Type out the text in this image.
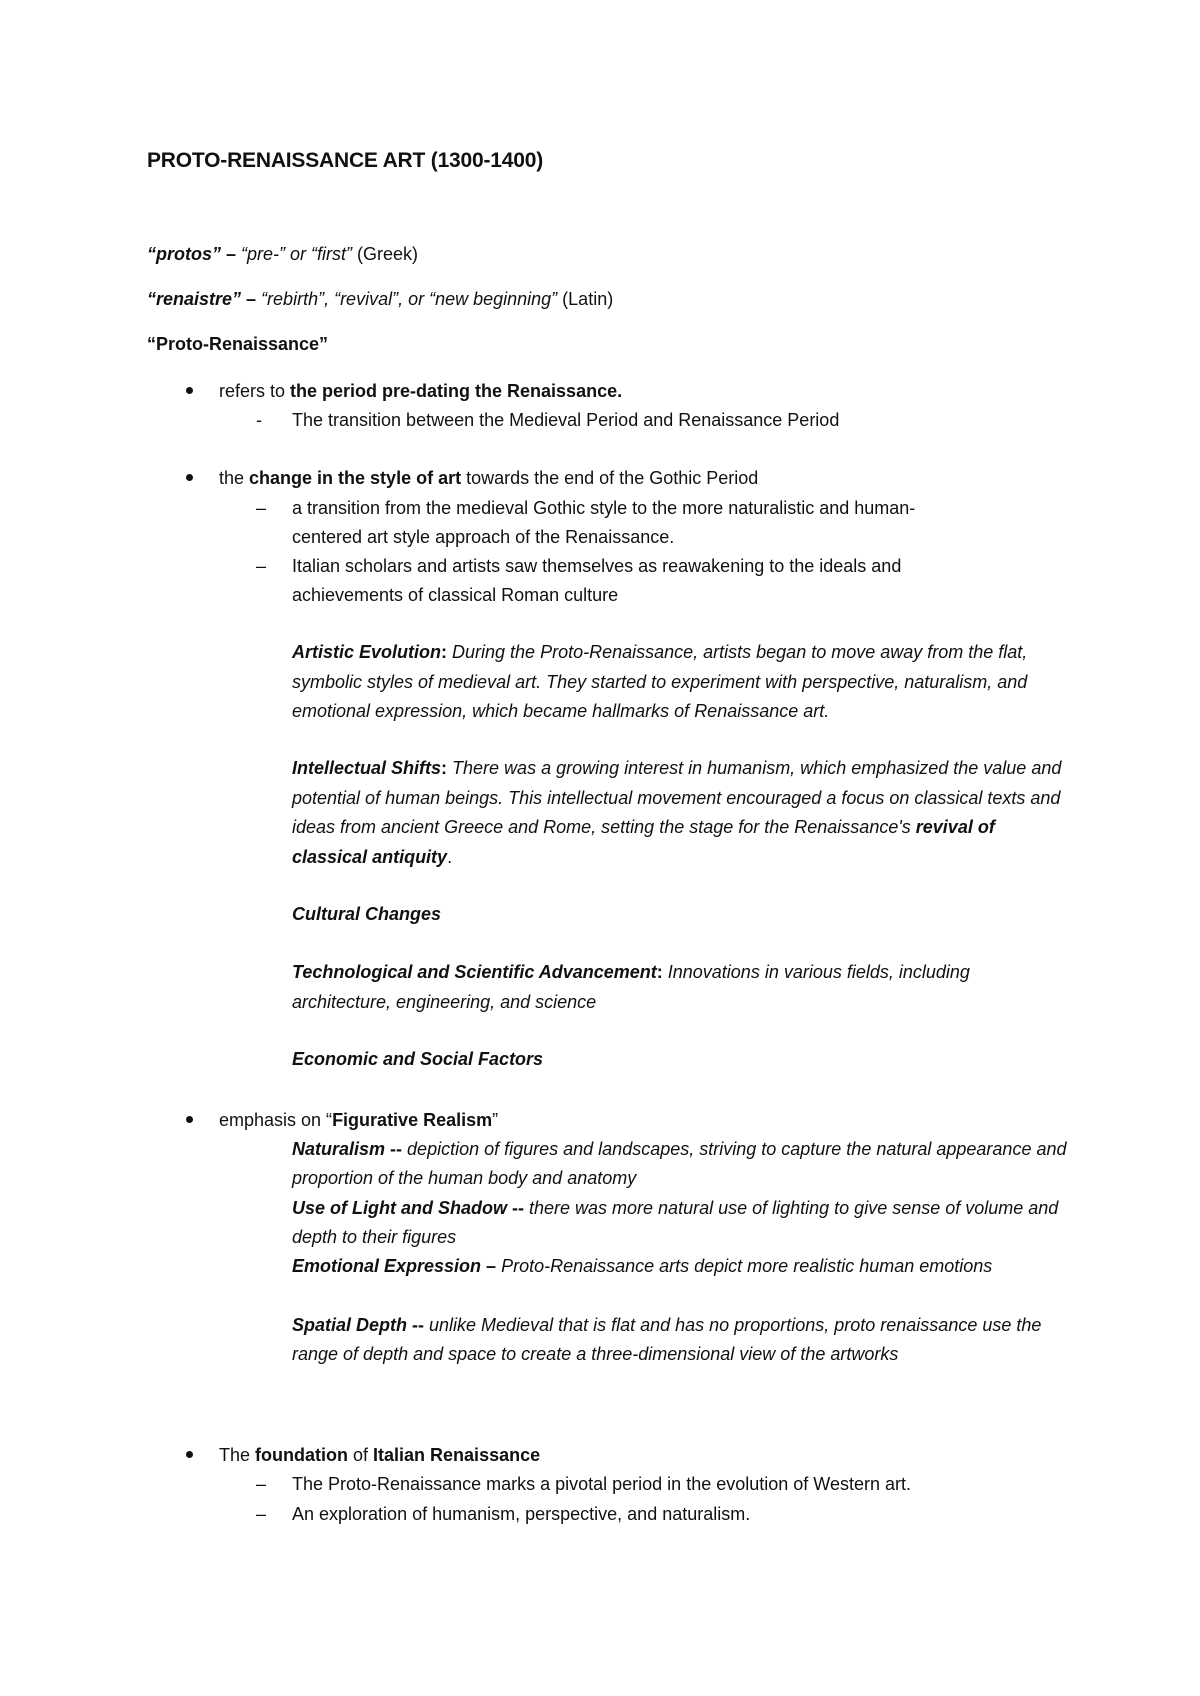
PROTO-RENAISSANCE ART (1300-1400)
“protos” – “pre-” or “first” (Greek)
“renaistre” – “rebirth”, “revival”, or “new beginning” (Latin)
“Proto-Renaissance”
refers to the period pre-dating the Renaissance.
- The transition between the Medieval Period and Renaissance Period
the change in the style of art towards the end of the Gothic Period
– a transition from the medieval Gothic style to the more naturalistic and human-
centered art style approach of the Renaissance.
– Italian scholars and artists saw themselves as reawakening to the ideals and
achievements of classical Roman culture
Artistic Evolution: During the Proto-Renaissance, artists began to move away from the flat, symbolic styles of medieval art. They started to experiment with perspective, naturalism, and emotional expression, which became hallmarks of Renaissance art.
Intellectual Shifts: There was a growing interest in humanism, which emphasized the value and potential of human beings. This intellectual movement encouraged a focus on classical texts and ideas from ancient Greece and Rome, setting the stage for the Renaissance's revival of classical antiquity.
Cultural Changes
Technological and Scientific Advancement: Innovations in various fields, including architecture, engineering, and science
Economic and Social Factors
emphasis on “Figurative Realism”
Naturalism -- depiction of figures and landscapes, striving to capture the natural appearance and proportion of the human body and anatomy
Use of Light and Shadow -- there was more natural use of lighting to give sense of volume and depth to their figures
Emotional Expression – Proto-Renaissance arts depict more realistic human emotions
Spatial Depth -- unlike Medieval that is flat and has no proportions, proto renaissance use the range of depth and space to create a three-dimensional view of the artworks
The foundation of Italian Renaissance
– The Proto-Renaissance marks a pivotal period in the evolution of Western art.
– An exploration of humanism, perspective, and naturalism.
